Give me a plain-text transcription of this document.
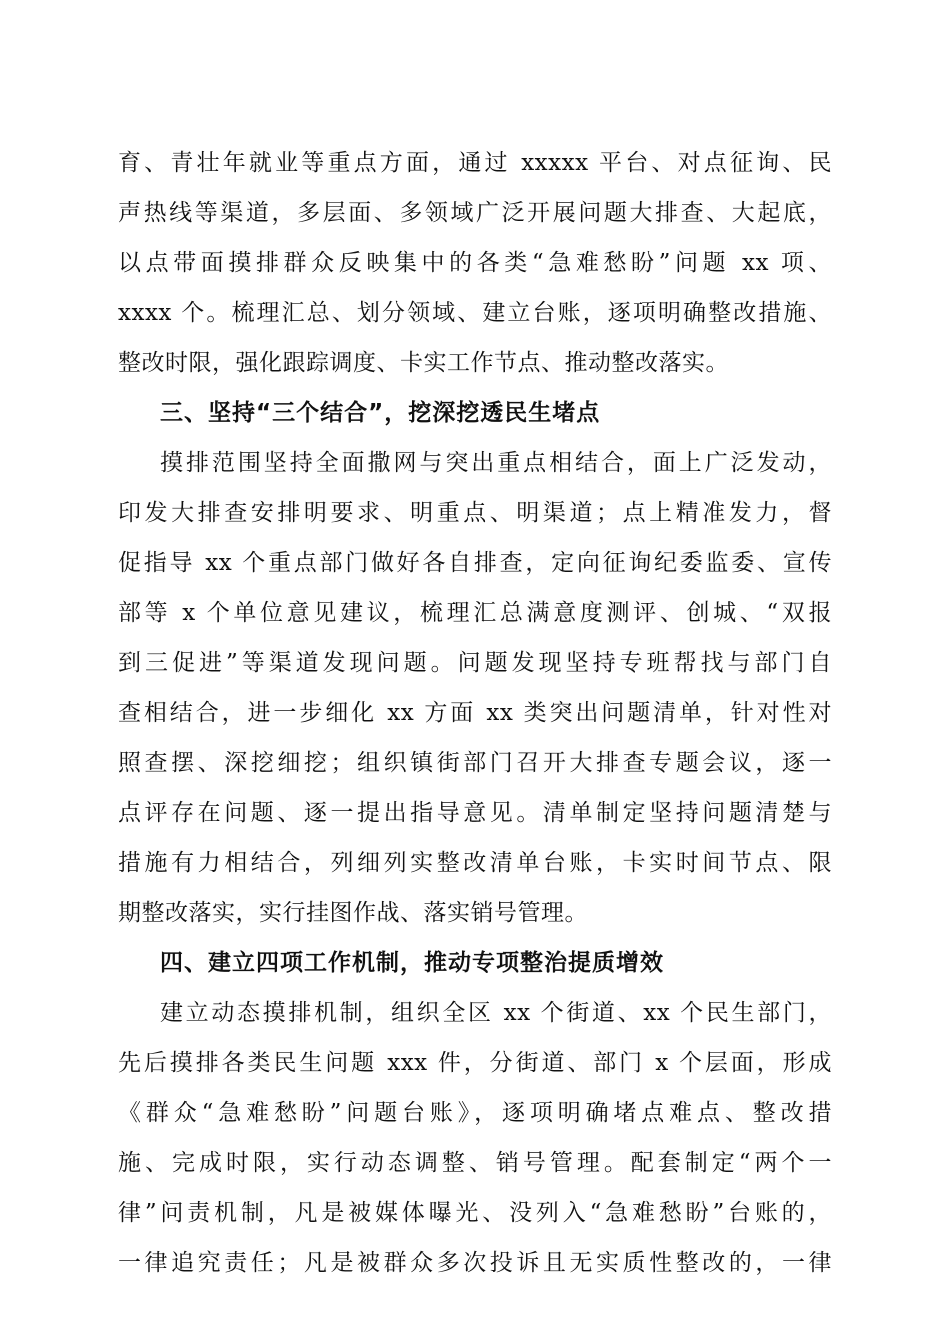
育、青壮年就业等重点方面，通过 xxxxx 平台、对点征询、民
声热线等渠道，多层面、多领域广泛开展问题大排查、大起底，
以点带面摸排群众反映集中的各类“急难愁盼”问题 xx 项、
xxxx 个。梳理汇总、划分领域、建立台账，逐项明确整改措施、
整改时限，强化跟踪调度、卡实工作节点、推动整改落实。
三、坚持“三个结合”，挖深挖透民生堵点
摸排范围坚持全面撒网与突出重点相结合，面上广泛发动，
印发大排查安排明要求、明重点、明渠道；点上精准发力，督
促指导 xx 个重点部门做好各自排查，定向征询纪委监委、宣传
部等 x 个单位意见建议，梳理汇总满意度测评、创城、“双报
到三促进”等渠道发现问题。问题发现坚持专班帮找与部门自
查相结合，进一步细化 xx 方面 xx 类突出问题清单，针对性对
照查摆、深挖细挖；组织镇街部门召开大排查专题会议，逐一
点评存在问题、逐一提出指导意见。清单制定坚持问题清楚与
措施有力相结合，列细列实整改清单台账，卡实时间节点、限
期整改落实，实行挂图作战、落实销号管理。
四、建立四项工作机制，推动专项整治提质增效
建立动态摸排机制，组织全区 xx 个街道、xx 个民生部门，
先后摸排各类民生问题 xxx 件，分街道、部门 x 个层面，形成
《群众“急难愁盼”问题台账》，逐项明确堵点难点、整改措
施、完成时限，实行动态调整、销号管理。配套制定“两个一
律”问责机制，凡是被媒体曝光、没列入“急难愁盼”台账的，
一律追究责任；凡是被群众多次投诉且无实质性整改的，一律
